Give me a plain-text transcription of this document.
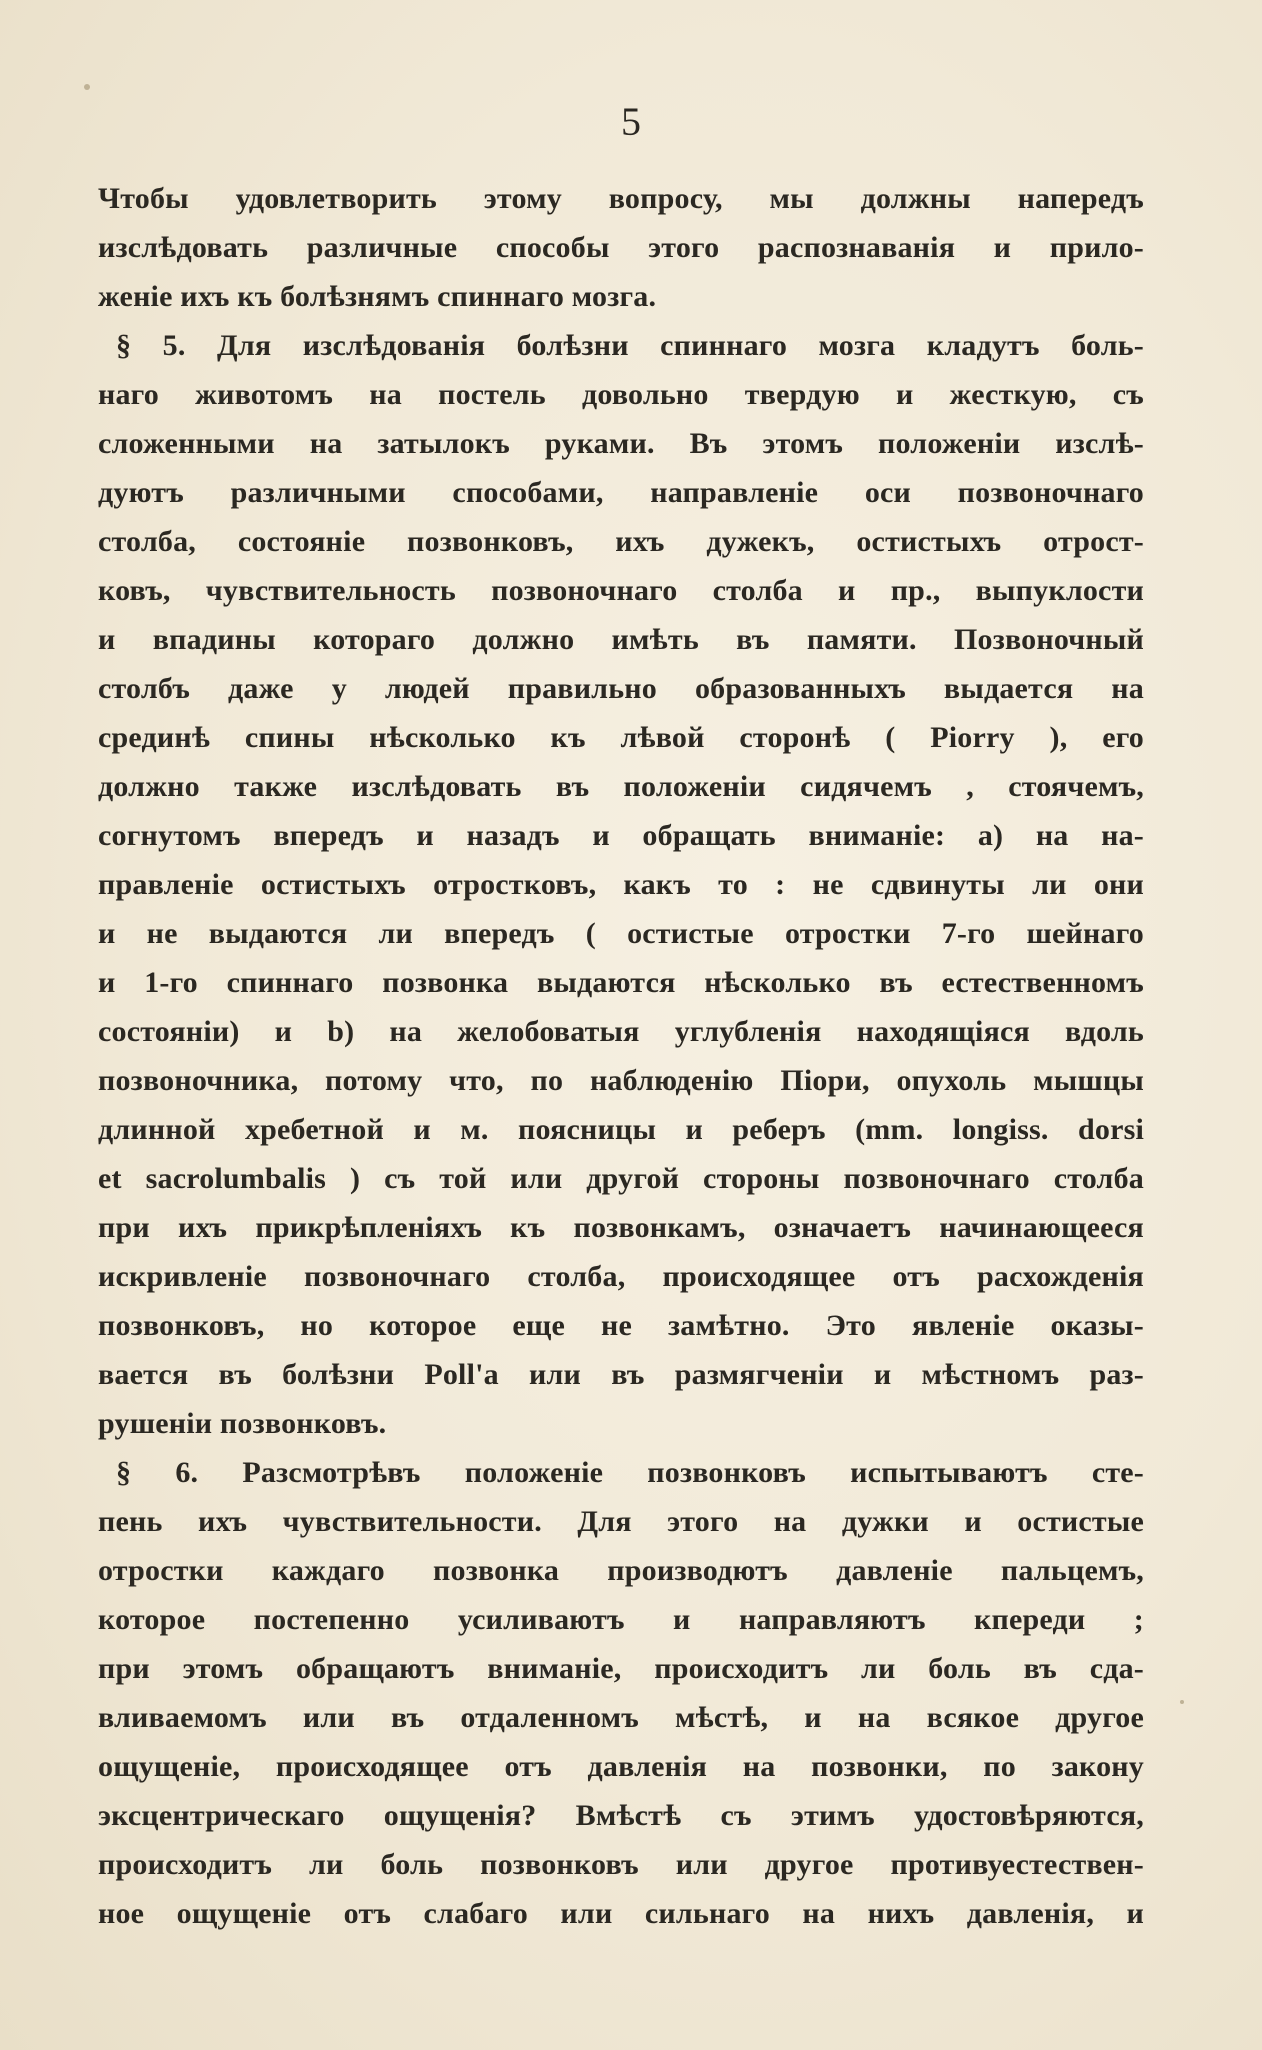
5
Чтобы удовлетворить этому вопросу, мы должны напередъ
изслѣдовать различные способы этого распознаванія и прило-
женіе ихъ къ болѣзнямъ спиннаго мозга.
§ 5. Для изслѣдованія болѣзни спиннаго мозга кладутъ боль-
наго животомъ на постель довольно твердую и жесткую, съ
сложенными на затылокъ руками. Въ этомъ положеніи изслѣ-
дуютъ различными способами, направленіе оси позвоночнаго
столба, состояніе позвонковъ, ихъ дужекъ, остистыхъ отрост-
ковъ, чувствительность позвоночнаго столба и пр., выпуклости
и впадины котораго должно имѣть въ памяти. Позвоночный
столбъ даже у людей правильно образованныхъ выдается на
срединѣ спины нѣсколько къ лѣвой сторонѣ ( Piorry ), его
должно также изслѣдовать въ положеніи сидячемъ , стоячемъ,
согнутомъ впередъ и назадъ и обращать вниманіе: a) на на-
правленіе остистыхъ отростковъ, какъ то : не сдвинуты ли они
и не выдаются ли впередъ ( остистые отростки 7-го шейнаго
и 1-го спиннаго позвонка выдаются нѣсколько въ естественномъ
состояніи) и b) на желобоватыя углубленія находящіяся вдоль
позвоночника, потому что, по наблюденію Піори, опухоль мышцы
длинной хребетной и м. поясницы и реберъ (mm. longiss. dorsi
et sacrolumbalis ) съ той или другой стороны позвоночнаго столба
при ихъ прикрѣпленіяхъ къ позвонкамъ, означаетъ начинающееся
искривленіе позвоночнаго столба, происходящее отъ расхожденія
позвонковъ, но которое еще не замѣтно. Это явленіе оказы-
вается въ болѣзни Poll'а или въ размягченіи и мѣстномъ раз-
рушеніи позвонковъ.
§ 6. Разсмотрѣвъ положеніе позвонковъ испытываютъ сте-
пень ихъ чувствительности. Для этого на дужки и остистые
отростки каждаго позвонка производютъ давленіе пальцемъ,
которое постепенно усиливаютъ и направляютъ кпереди ;
при этомъ обращаютъ вниманіе, происходитъ ли боль въ сда-
вливаемомъ или въ отдаленномъ мѣстѣ, и на всякое другое
ощущеніе, происходящее отъ давленія на позвонки, по закону
эксцентрическаго ощущенія? Вмѣстѣ съ этимъ удостовѣряются,
происходитъ ли боль позвонковъ или другое противуестествен-
ное ощущеніе отъ слабаго или сильнаго на нихъ давленія, и
